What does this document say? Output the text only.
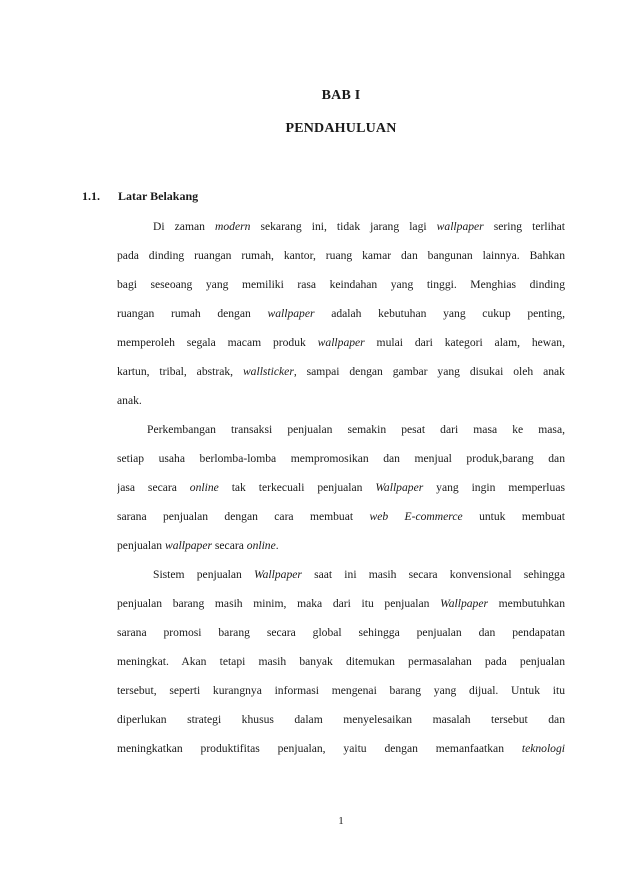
BAB I
PENDAHULUAN
1.1. Latar Belakang
Di zaman modern sekarang ini, tidak jarang lagi wallpaper sering terlihat
pada dinding ruangan rumah, kantor, ruang kamar dan bangunan lainnya. Bahkan
bagi seseoang yang memiliki rasa keindahan yang tinggi. Menghias dinding
ruangan rumah dengan wallpaper adalah kebutuhan yang cukup penting,
memperoleh segala macam produk wallpaper mulai dari kategori alam, hewan,
kartun, tribal, abstrak, wallsticker, sampai dengan gambar yang disukai oleh anak
anak.
Perkembangan transaksi penjualan semakin pesat dari masa ke masa,
setiap usaha berlomba-lomba mempromosikan dan menjual produk,barang dan
jasa secara online tak terkecuali penjualan Wallpaper yang ingin memperluas
sarana penjualan dengan cara membuat web E-commerce untuk membuat
penjualan wallpaper secara online.
Sistem penjualan Wallpaper saat ini masih secara konvensional sehingga
penjualan barang masih minim, maka dari itu penjualan Wallpaper membutuhkan
sarana promosi barang secara global sehingga penjualan dan pendapatan
meningkat. Akan tetapi masih banyak ditemukan permasalahan pada penjualan
tersebut, seperti kurangnya informasi mengenai barang yang dijual. Untuk itu
diperlukan strategi khusus dalam menyelesaikan masalah tersebut dan
meningkatkan produktifitas penjualan, yaitu dengan memanfaatkan teknologi
1
